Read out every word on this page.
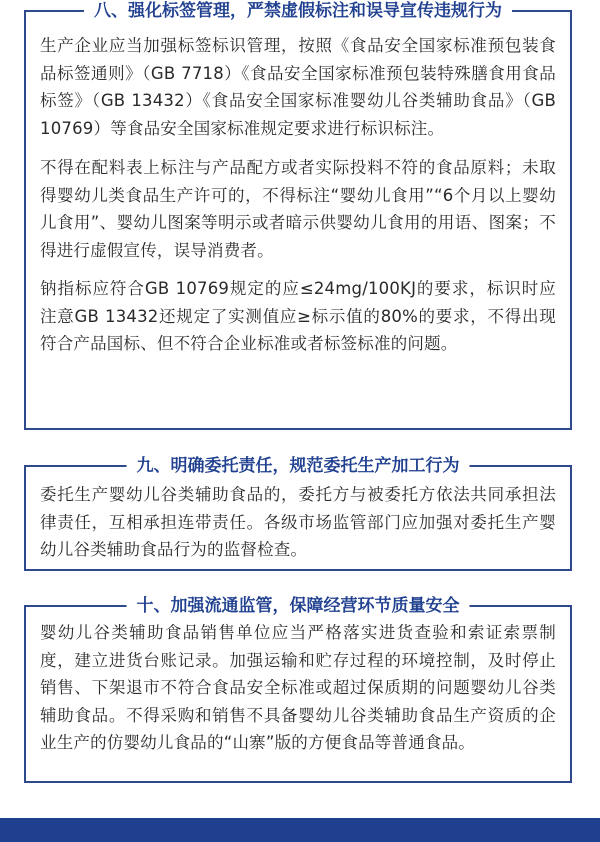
八、强化标签管理，严禁虚假标注和误导宣传违规行为

生产企业应当加强标签标识管理，按照《食品安全国家标准预包装食品标签通则》（GB 7718）《食品安全国家标准预包装特殊膳食用食品标签》（GB 13432）《食品安全国家标准婴幼儿谷类辅助食品》（GB 10769）等食品安全国家标准规定要求进行标识标注。

不得在配料表上标注与产品配方或者实际投料不符的食品原料；未取得婴幼儿类食品生产许可的，不得标注“婴幼儿食用”“6个月以上婴幼儿食用”、婴幼儿图案等明示或者暗示供婴幼儿食用的用语、图案；不得进行虚假宣传，误导消费者。

钠指标应符合GB 10769规定的应≤24mg/100KJ的要求，标识时应注意GB 13432还规定了实测值应≥标示值的80%的要求，不得出现符合产品国标、但不符合企业标准或者标签标准的问题。

九、明确委托责任，规范委托生产加工行为

委托生产婴幼儿谷类辅助食品的，委托方与被委托方依法共同承担法律责任，互相承担连带责任。各级市场监管部门应加强对委托生产婴幼儿谷类辅助食品行为的监督检查。

十、加强流通监管，保障经营环节质量安全

婴幼儿谷类辅助食品销售单位应当严格落实进货查验和索证索票制度，建立进货台账记录。加强运输和贮存过程的环境控制，及时停止销售、下架退市不符合食品安全标准或超过保质期的问题婴幼儿谷类辅助食品。不得采购和销售不具备婴幼儿谷类辅助食品生产资质的企业生产的仿婴幼儿食品的“山寨”版的方便食品等普通食品。
